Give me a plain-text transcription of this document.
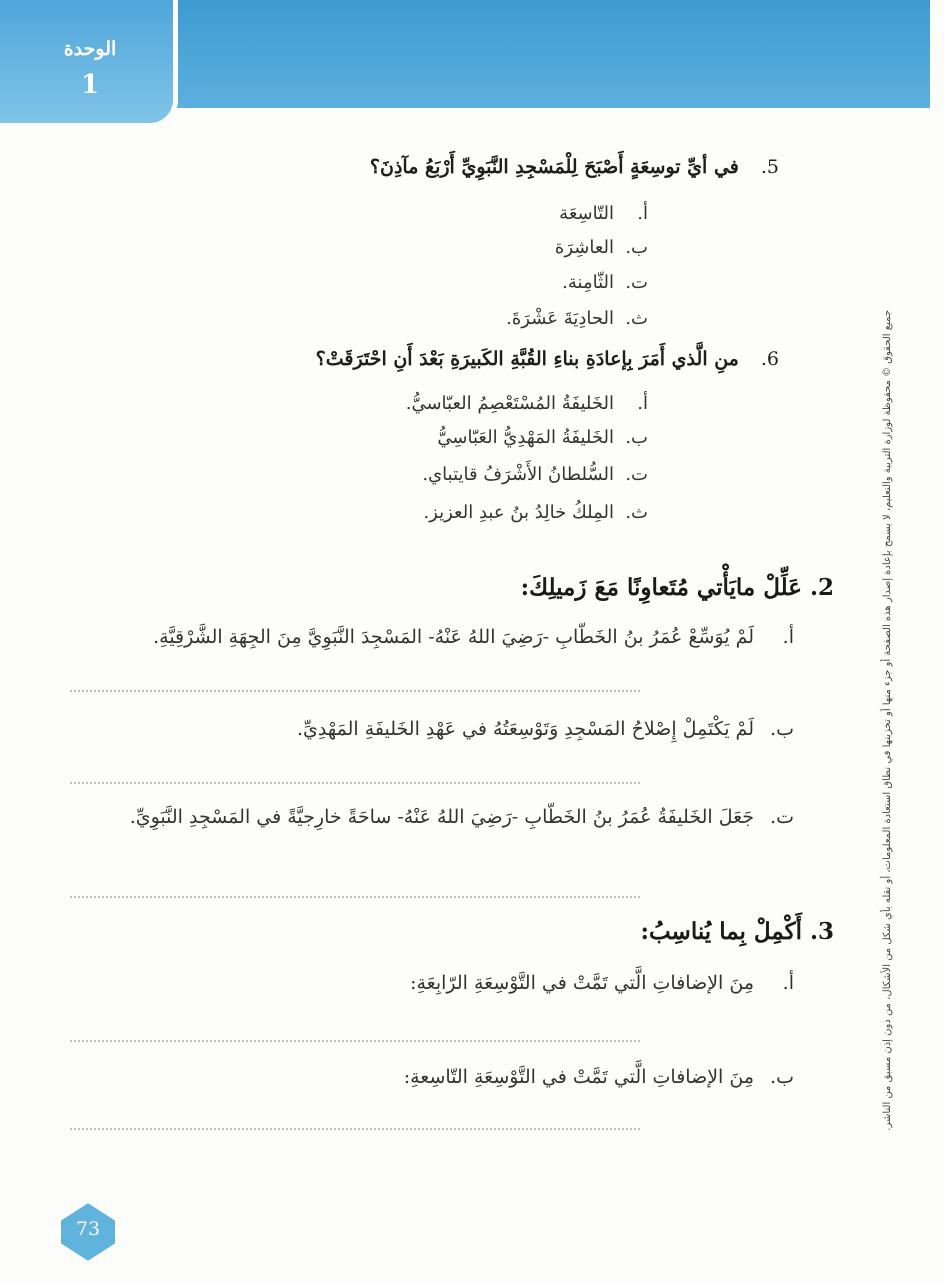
الوحدة
1
جميع الحقوق © محفوظة لوزارة التربية والتعليم، لا يسمح بإعادة إصدار هذه الصفحة أو جزء منها أو تخزينها في نطاق استعادة المعلومات، أو نقله بأي شكل من الأشكال، من دون إذن مسبق من الناشر.
5.في أيِّ توسِعَةٍ أَصْبَحَ لِلْمَسْجِدِ النَّبَوِيِّ أَرْبَعُ مآذِنَ؟
أ.التّاسِعَة
ب.العاشِرَة
ت.الثّامِنة.
ث.الحادِيَةَ عَشْرَةَ.
6.منِ الَّذي أَمَرَ بِإعادَةِ بناءِ القُبَّةِ الكَبيرَةِ بَعْدَ أَنِ احْتَرَقَتْ؟
أ.الخَليفَةُ المُسْتَعْصِمُ العبّاسيُّ.
ب.الخَليفَةُ المَهْدِيُّ العَبّاسِيُّ
ت.السُّلطانُ الأَشْرَفُ قايتباي.
ث.المِلكُ خالِدُ بنُ عبدِ العزيز.
2. عَلِّلْ مايَأْتي مُتَعاوِنًا مَعَ زَميلِكَ:
أ.لَمْ يُوَسِّعْ عُمَرُ بنُ الخَطّابِ -رَضِيَ اللهُ عَنْهُ- المَسْجِدَ النَّبَوِيَّ مِنَ الجِهَةِ الشَّرْقِيَّةِ.
ب.لَمْ يَكْتَمِلْ إِصْلاحُ المَسْجِدِ وَتَوْسِعَتُهُ في عَهْدِ الخَليفَةِ المَهْدِيِّ.
ت.جَعَلَ الخَليفَةُ عُمَرُ بنُ الخَطّابِ -رَضِيَ اللهُ عَنْهُ- ساحَةً خارِجيَّةً في المَسْجِدِ النَّبَوِيِّ.
3. أَكْمِلْ بِما يُناسِبُ:
أ.مِنَ الإضافاتِ الَّتي تَمَّتْ في التَّوْسِعَةِ الرّابِعَةِ:
ب.مِنَ الإضافاتِ الَّتي تَمَّتْ في التَّوْسِعَةِ التّاسِعةِ:
73
